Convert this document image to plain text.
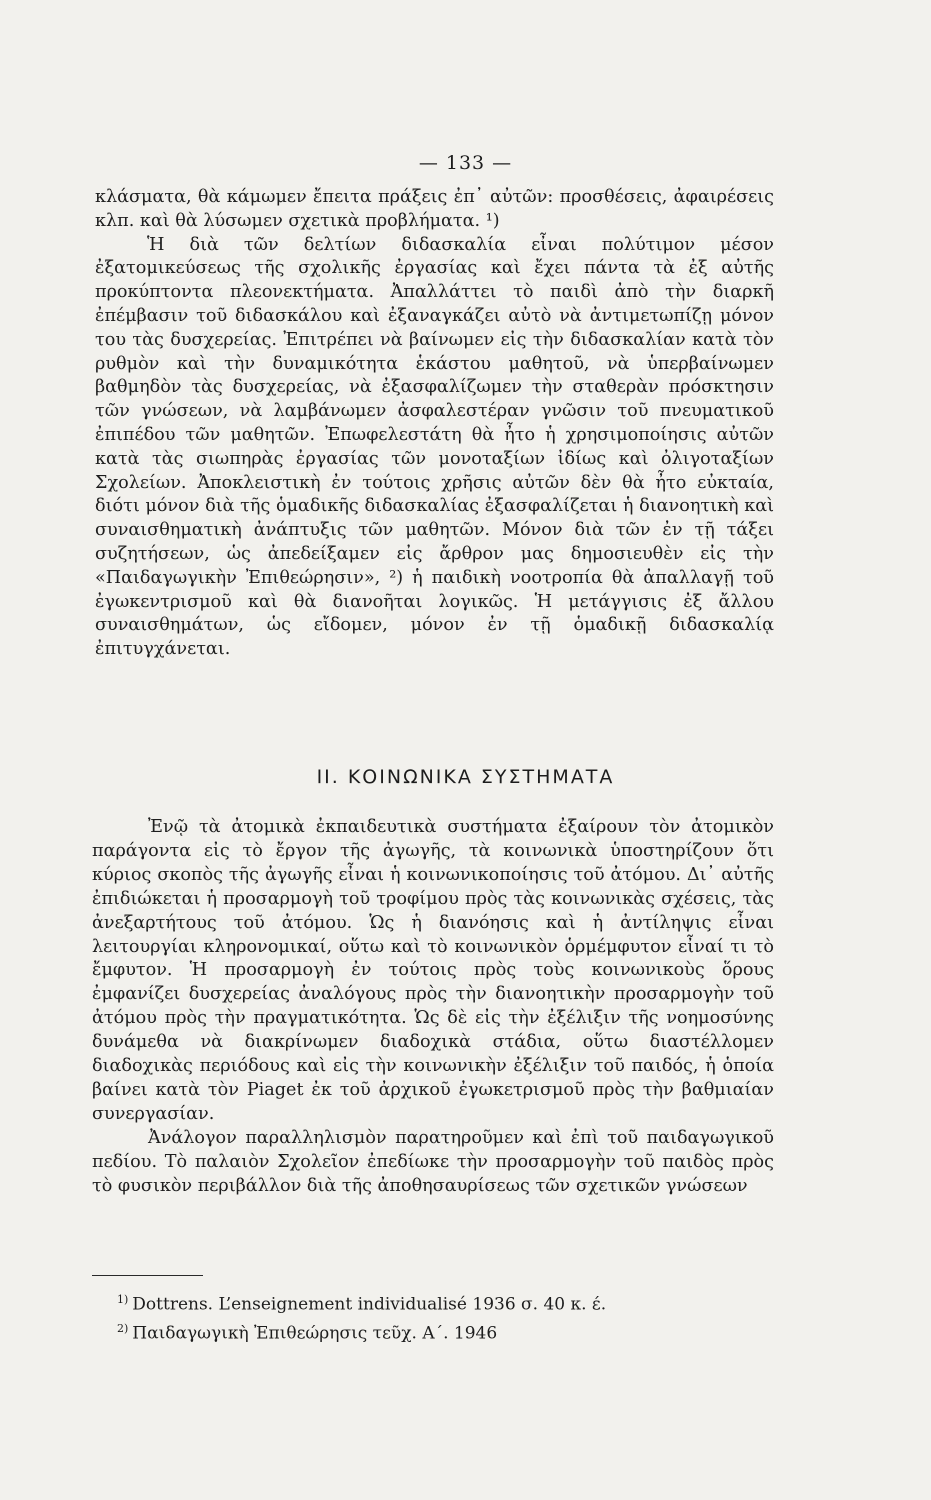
— 133 —

κλάσματα, θὰ κάμωμεν ἔπειτα πράξεις ἐπ᾽ αὐτῶν: προσθέσεις, ἀφαιρέσεις κλπ. καὶ θὰ λύσωμεν σχετικὰ προβλήματα. ¹)

Ἡ διὰ τῶν δελτίων διδασκαλία εἶναι πολύτιμον μέσον ἐξατομικεύσεως τῆς σχολικῆς ἐργασίας καὶ ἔχει πάντα τὰ ἐξ αὐτῆς προκύπτοντα πλεονεκτήματα. Ἀπαλλάττει τὸ παιδὶ ἀπὸ τὴν διαρκῆ ἐπέμβασιν τοῦ διδασκάλου καὶ ἐξαναγκάζει αὐτὸ νὰ ἀντιμετωπίζῃ μόνον του τὰς δυσχερείας. Ἐπιτρέπει νὰ βαίνωμεν εἰς τὴν διδασκαλίαν κατὰ τὸν ρυθμὸν καὶ τὴν δυναμικότητα ἑκάστου μαθητοῦ, νὰ ὑπερβαίνωμεν βαθμηδὸν τὰς δυσχερείας, νὰ ἐξασφαλίζωμεν τὴν σταθερὰν πρόσκτησιν τῶν γνώσεων, νὰ λαμβάνωμεν ἀσφαλεστέραν γνῶσιν τοῦ πνευματικοῦ ἐπιπέδου τῶν μαθητῶν. Ἐπωφελεστάτη θὰ ἦτο ἡ χρησιμοποίησις αὐτῶν κατὰ τὰς σιωπηρὰς ἐργασίας τῶν μονοταξίων ἰδίως καὶ ὀλιγοταξίων Σχολείων. Ἀποκλειστικὴ ἐν τούτοις χρῆσις αὐτῶν δὲν θὰ ἦτο εὐκταία, διότι μόνον διὰ τῆς ὁμαδικῆς διδασκαλίας ἐξασφαλίζεται ἡ διανοητικὴ καὶ συναισθηματικὴ ἀνάπτυξις τῶν μαθητῶν. Μόνον διὰ τῶν ἐν τῇ τάξει συζητήσεων, ὡς ἀπεδείξαμεν εἰς ἄρθρον μας δημοσιευθὲν εἰς τὴν «Παιδαγωγικὴν Ἐπιθεώρησιν», ²) ἡ παιδικὴ νοοτροπία θὰ ἀπαλλαγῇ τοῦ ἐγωκεντρισμοῦ καὶ θὰ διανοῆται λογικῶς. Ἡ μετάγγισις ἐξ ἄλλου συναισθημάτων, ὡς εἴδομεν, μόνον ἐν τῇ ὁμαδικῇ διδασκαλίᾳ ἐπιτυγχάνεται.

ΙΙ. ΚΟΙΝΩΝΙΚΑ ΣΥΣΤΗΜΑΤΑ

Ἐνῷ τὰ ἀτομικὰ ἐκπαιδευτικὰ συστήματα ἐξαίρουν τὸν ἀτομικὸν παράγοντα εἰς τὸ ἔργον τῆς ἀγωγῆς, τὰ κοινωνικὰ ὑποστηρίζουν ὅτι κύριος σκοπὸς τῆς ἀγωγῆς εἶναι ἡ κοινωνικοποίησις τοῦ ἀτόμου. Δι᾽ αὐτῆς ἐπιδιώκεται ἡ προσαρμογὴ τοῦ τροφίμου πρὸς τὰς κοινωνικὰς σχέσεις, τὰς ἀνεξαρτήτους τοῦ ἀτόμου. Ὡς ἡ διανόησις καὶ ἡ ἀντίληψις εἶναι λειτουργίαι κληρονομικαί, οὕτω καὶ τὸ κοινωνικὸν ὁρμέμφυτον εἶναί τι τὸ ἔμφυτον. Ἡ προσαρμογὴ ἐν τούτοις πρὸς τοὺς κοινωνικοὺς ὅρους ἐμφανίζει δυσχερείας ἀναλόγους πρὸς τὴν διανοητικὴν προσαρμογὴν τοῦ ἀτόμου πρὸς τὴν πραγματικότητα. Ὡς δὲ εἰς τὴν ἐξέλιξιν τῆς νοημοσύνης δυνάμεθα νὰ διακρίνωμεν διαδοχικὰ στάδια, οὕτω διαστέλλομεν διαδοχικὰς περιόδους καὶ εἰς τὴν κοινωνικὴν ἐξέλιξιν τοῦ παιδός, ἡ ὁποία βαίνει κατὰ τὸν Piaget ἐκ τοῦ ἀρχικοῦ ἐγωκετρισμοῦ πρὸς τὴν βαθμιαίαν συνεργασίαν.

Ἀνάλογον παραλληλισμὸν παρατηροῦμεν καὶ ἐπὶ τοῦ παιδαγωγικοῦ πεδίου. Τὸ παλαιὸν Σχολεῖον ἐπεδίωκε τὴν προσαρμογὴν τοῦ παιδὸς πρὸς τὸ φυσικὸν περιβάλλον διὰ τῆς ἀποθησαυρίσεως τῶν σχετικῶν γνώσεων

$^{1)}$ Dottrens. L’enseignement individualisé 1936 σ. 40 κ. έ.

$^{2)}$ Παιδαγωγικὴ Ἐπιθεώρησις τεῦχ. Α΄. 1946
